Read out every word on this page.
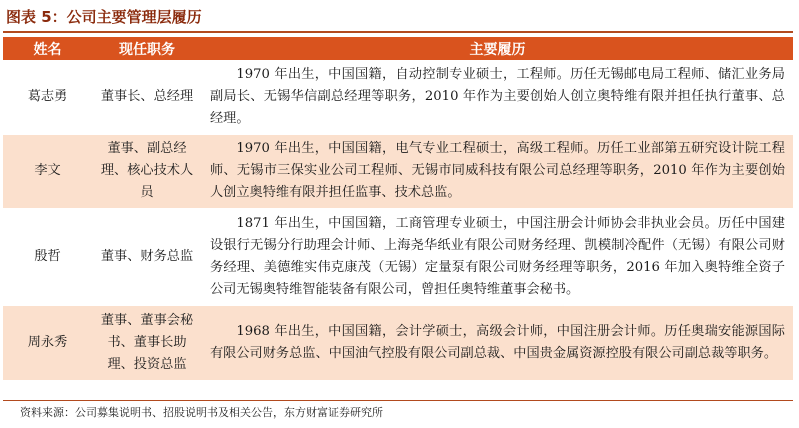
图表 5：公司主要管理层履历
姓名	现任职务	主要履历
葛志勇	董事长、总经理	1970 年出生，中国国籍，自动控制专业硕士，工程师。历任无锡邮电局工程师、储汇业务局副局长、无锡华信副总经理等职务，2010 年作为主要创始人创立奥特维有限并担任执行董事、总经理。

李文	董事、副总经理、核心技术人员	1970 年出生，中国国籍，电气专业工程硕士，高级工程师。历任工业部第五研究设计院工程师、无锡市三保实业公司工程师、无锡市同威科技有限公司总经理等职务，2010 年作为主要创始人创立奥特维有限并担任监事、技术总监。

殷哲	董事、财务总监	1871 年出生，中国国籍，工商管理专业硕士，中国注册会计师协会非执业会员。历任中国建设银行无锡分行助理会计师、上海尧华纸业有限公司财务经理、凯模制冷配件（无锡）有限公司财务经理、美德维实伟克康茂（无锡）定量泵有限公司财务经理等职务，2016 年加入奥特维全资子公司无锡奥特维智能装备有限公司，曾担任奥特维董事会秘书。

周永秀	董事、董事会秘书、董事长助理、投资总监	1968 年出生，中国国籍，会计学硕士，高级会计师，中国注册会计师。历任奥瑞安能源国际有限公司财务总监、中国油气控股有限公司副总裁、中国贵金属资源控股有限公司副总裁等职务。
资料来源：公司募集说明书、招股说明书及相关公告，东方财富证券研究所
